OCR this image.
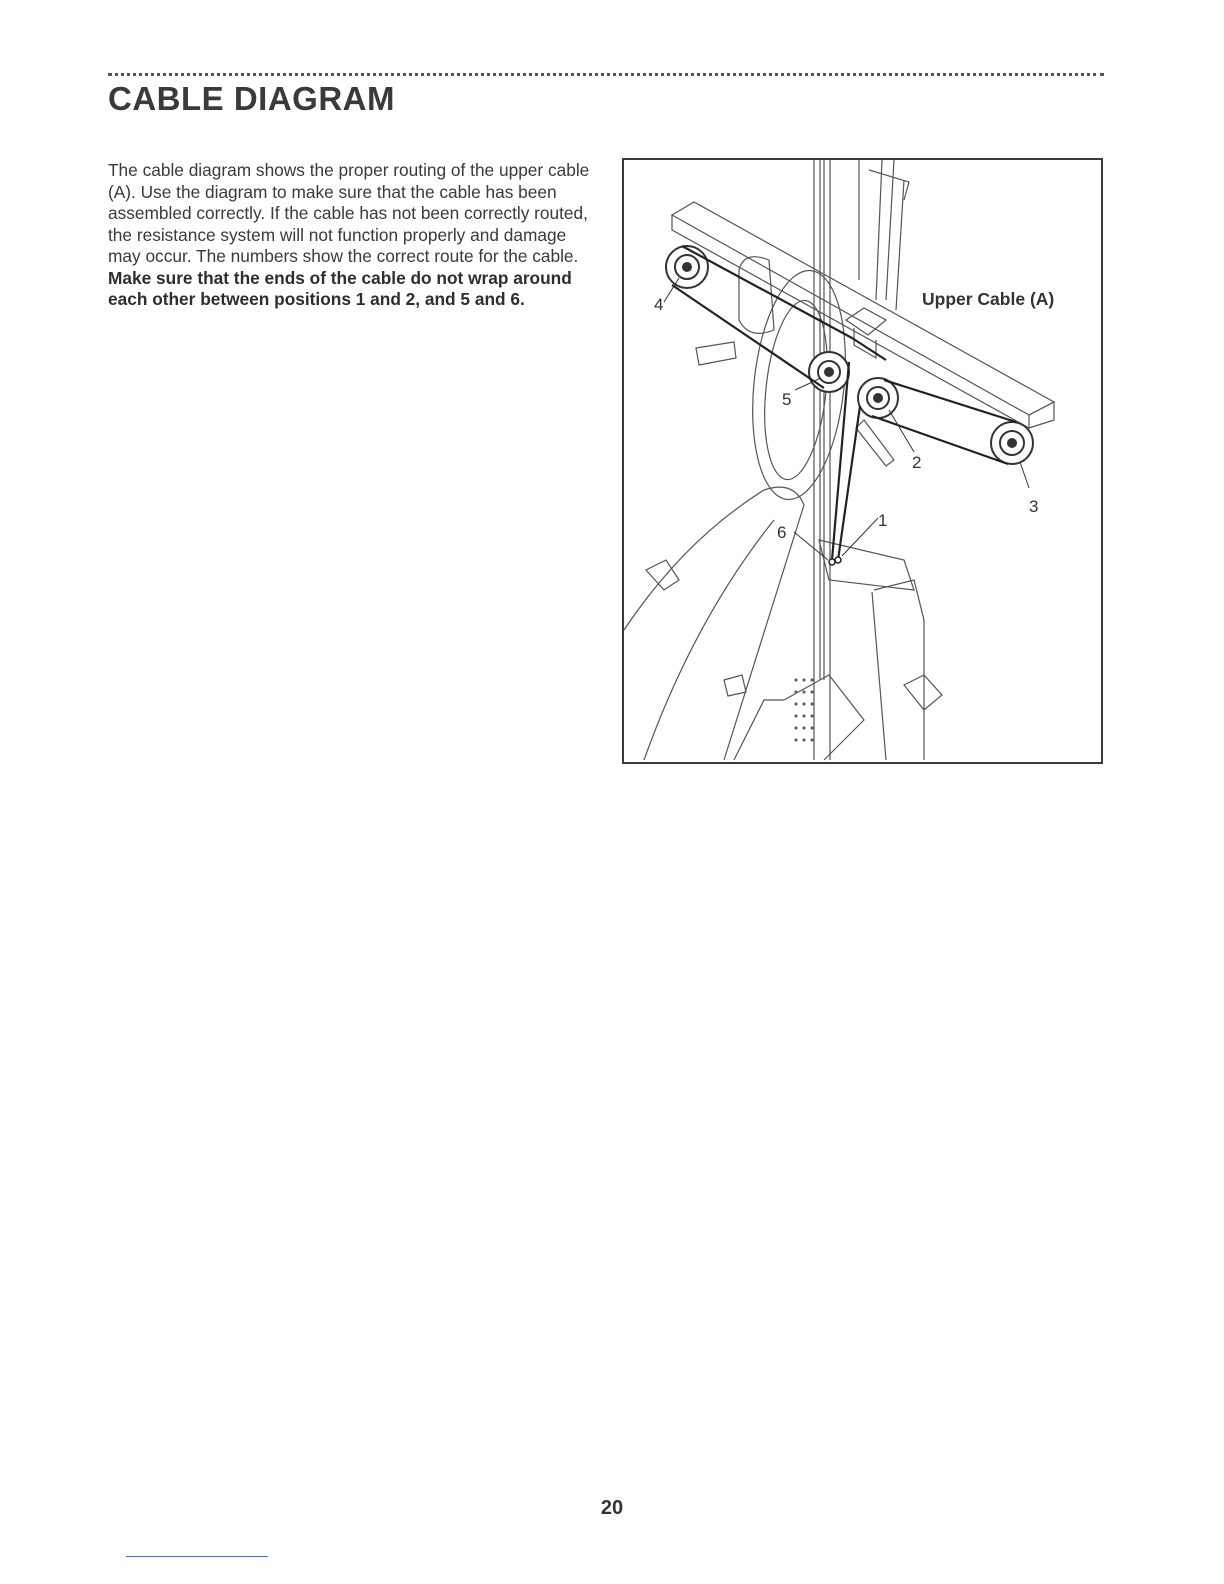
CABLE DIAGRAM

The cable diagram shows the proper routing of the upper cable (A). Use the diagram to make sure that the cable has been assembled correctly. If the cable has not been correctly routed, the resistance system will not function properly and damage may occur. The numbers show the correct route for the cable. Make sure that the ends of the cable do not wrap around each other between positions 1 and 2, and 5 and 6.	4
5
2
3
1
6
Upper Cable (A)
20
